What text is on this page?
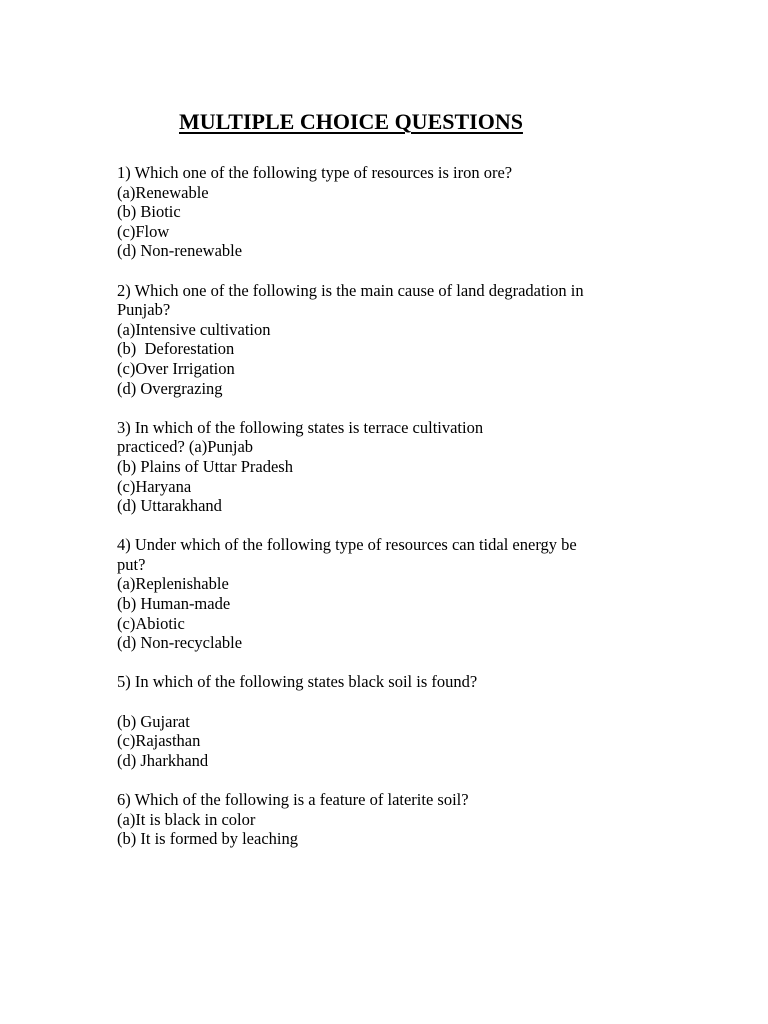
MULTIPLE CHOICE QUESTIONS
1) Which one of the following type of resources is iron ore?
(a)Renewable
(b) Biotic
(c)Flow
(d) Non-renewable
2) Which one of the following is the main cause of land degradation in
Punjab?
(a)Intensive cultivation
(b)  Deforestation
(c)Over Irrigation
(d) Overgrazing
3) In which of the following states is terrace cultivation
practiced? (a)Punjab
(b) Plains of Uttar Pradesh
(c)Haryana
(d) Uttarakhand
4) Under which of the following type of resources can tidal energy be
put?
(a)Replenishable
(b) Human-made
(c)Abiotic
(d) Non-recyclable
5) In which of the following states black soil is found?
(b) Gujarat
(c)Rajasthan
(d) Jharkhand
6) Which of the following is a feature of laterite soil?
(a)It is black in color
(b) It is formed by leaching
